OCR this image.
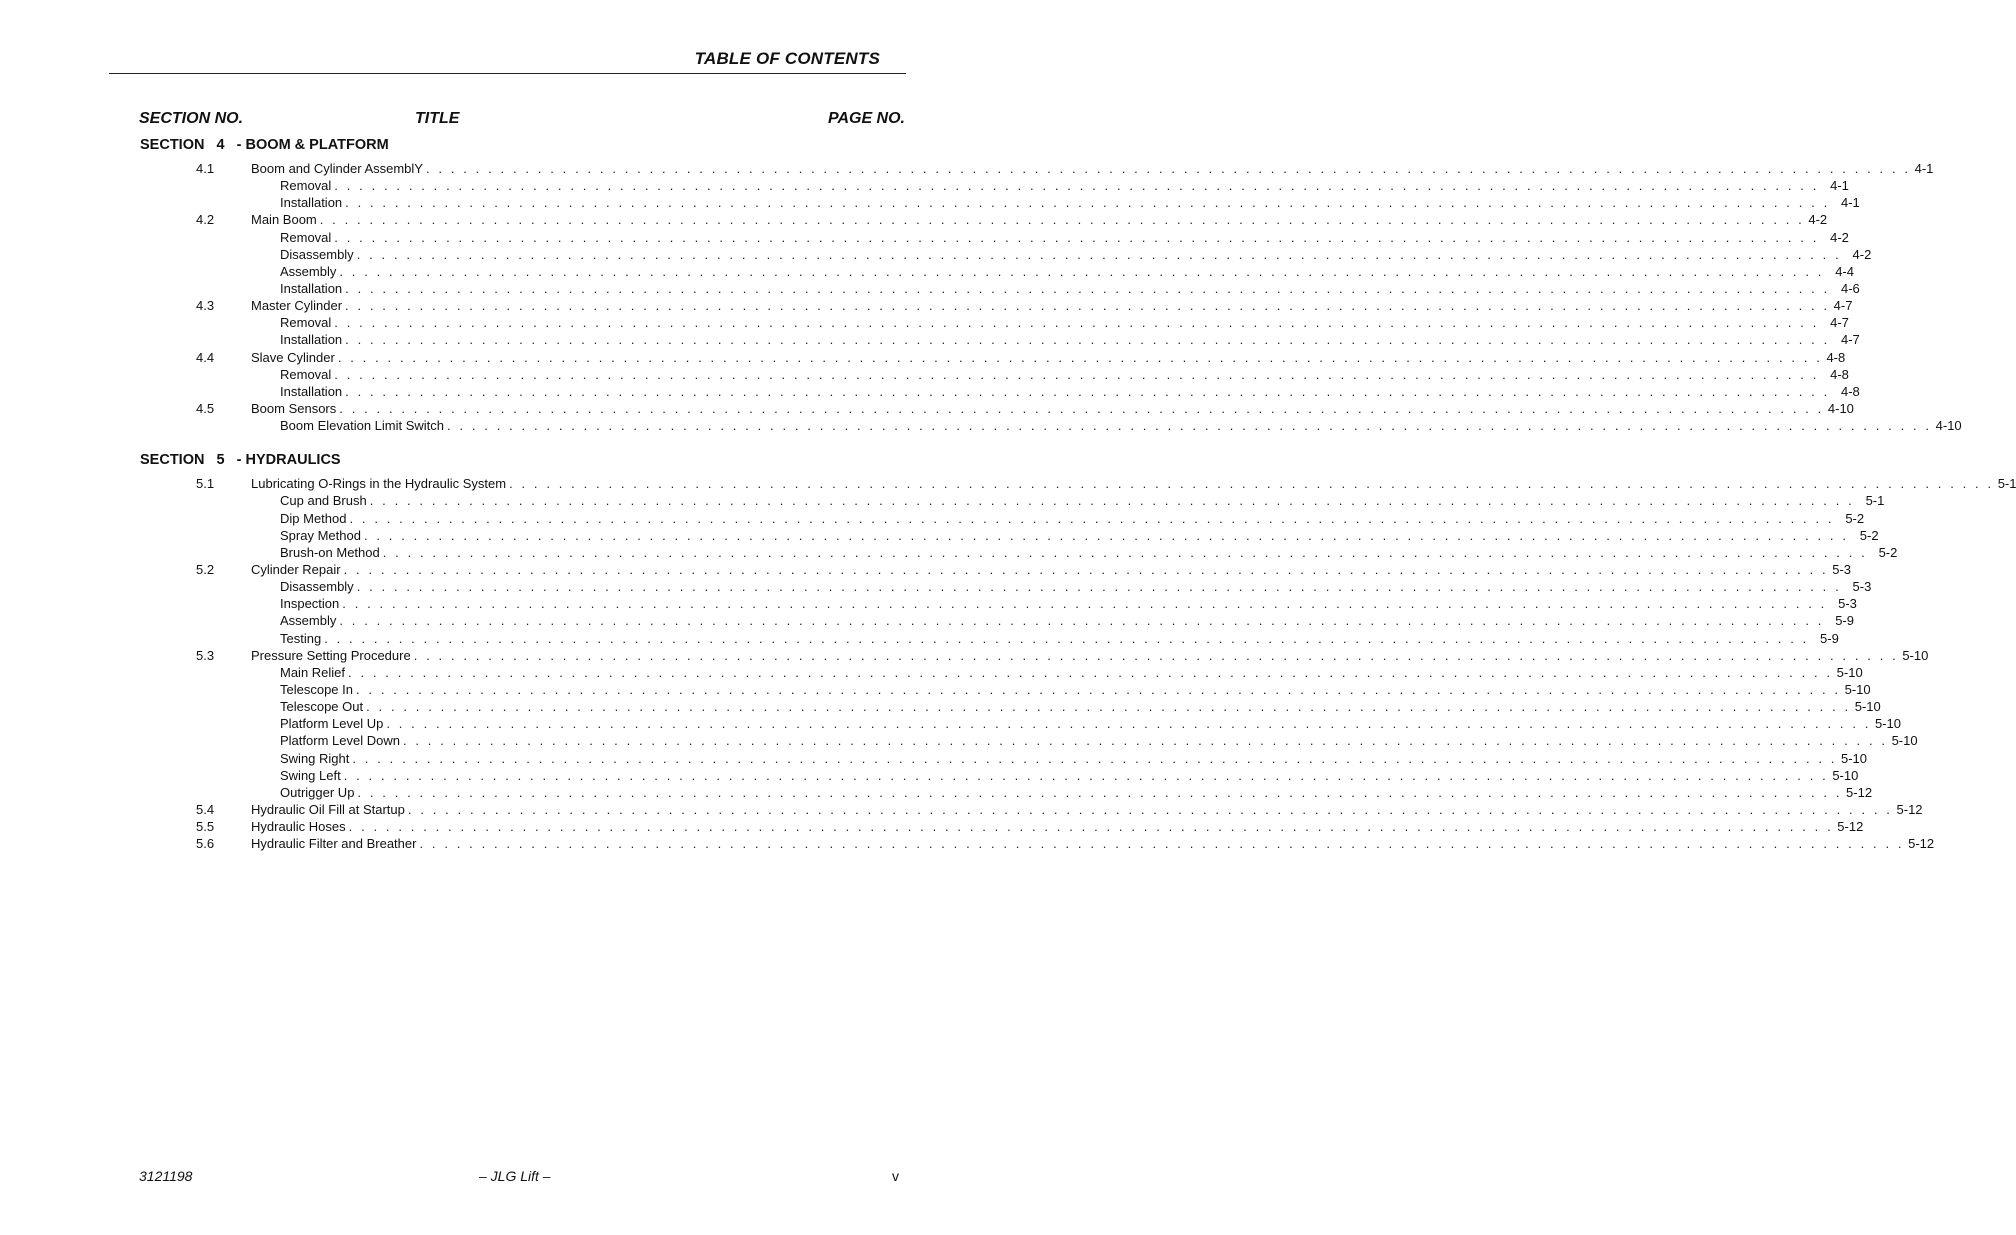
TABLE OF CONTENTS
SECTION NO.	TITLE	PAGE NO.
SECTION   4   - BOOM & PLATFORM
4.1	Boom and Cylinder AssemblY . . . . . . . . . . . . . . . . . . . . . . . . . . . . . . . . . . . . . . . . . . . . . . . . . . . . . . . . . . . . . . . . . . . . . . . . . . . . . . . . . . . . . . . . . . . . . . . . . . . . . . . . . . . . . . . . . . . . . . . . 4-1
Removal . . . . . . . . . . . . . . . . . . . . . . . . . . . . . . . . . . . . . . . . . . . . . . . . . . . . . . . . . . . . . . . . . . . . . . . . . . . . . . . . . . . . . . . . . . . . . . . . . . . . . . . . . . . . . . . . . . . . . . . . 4-1
Installation . . . . . . . . . . . . . . . . . . . . . . . . . . . . . . . . . . . . . . . . . . . . . . . . . . . . . . . . . . . . . . . . . . . . . . . . . . . . . . . . . . . . . . . . . . . . . . . . . . . . . . . . . . . . . . . . . . . . . . . . 4-1
4.2	Main Boom . . . . . . . . . . . . . . . . . . . . . . . . . . . . . . . . . . . . . . . . . . . . . . . . . . . . . . . . . . . . . . . . . . . . . . . . . . . . . . . . . . . . . . . . . . . . . . . . . . . . . . . . . . . . . . . . . . . . . . . . 4-2
Removal . . . . . . . . . . . . . . . . . . . . . . . . . . . . . . . . . . . . . . . . . . . . . . . . . . . . . . . . . . . . . . . . . . . . . . . . . . . . . . . . . . . . . . . . . . . . . . . . . . . . . . . . . . . . . . . . . . . . . . . . 4-2
Disassembly . . . . . . . . . . . . . . . . . . . . . . . . . . . . . . . . . . . . . . . . . . . . . . . . . . . . . . . . . . . . . . . . . . . . . . . . . . . . . . . . . . . . . . . . . . . . . . . . . . . . . . . . . . . . . . . . . . . . . . . . 4-2
Assembly . . . . . . . . . . . . . . . . . . . . . . . . . . . . . . . . . . . . . . . . . . . . . . . . . . . . . . . . . . . . . . . . . . . . . . . . . . . . . . . . . . . . . . . . . . . . . . . . . . . . . . . . . . . . . . . . . . . . . . . . 4-4
Installation . . . . . . . . . . . . . . . . . . . . . . . . . . . . . . . . . . . . . . . . . . . . . . . . . . . . . . . . . . . . . . . . . . . . . . . . . . . . . . . . . . . . . . . . . . . . . . . . . . . . . . . . . . . . . . . . . . . . . . . . 4-6
4.3	Master Cylinder . . . . . . . . . . . . . . . . . . . . . . . . . . . . . . . . . . . . . . . . . . . . . . . . . . . . . . . . . . . . . . . . . . . . . . . . . . . . . . . . . . . . . . . . . . . . . . . . . . . . . . . . . . . . . . . . . . . . . . . . 4-7
Removal . . . . . . . . . . . . . . . . . . . . . . . . . . . . . . . . . . . . . . . . . . . . . . . . . . . . . . . . . . . . . . . . . . . . . . . . . . . . . . . . . . . . . . . . . . . . . . . . . . . . . . . . . . . . . . . . . . . . . . . . 4-7
Installation . . . . . . . . . . . . . . . . . . . . . . . . . . . . . . . . . . . . . . . . . . . . . . . . . . . . . . . . . . . . . . . . . . . . . . . . . . . . . . . . . . . . . . . . . . . . . . . . . . . . . . . . . . . . . . . . . . . . . . . . 4-7
4.4	Slave Cylinder . . . . . . . . . . . . . . . . . . . . . . . . . . . . . . . . . . . . . . . . . . . . . . . . . . . . . . . . . . . . . . . . . . . . . . . . . . . . . . . . . . . . . . . . . . . . . . . . . . . . . . . . . . . . . . . . . . . . . . . . 4-8
Removal . . . . . . . . . . . . . . . . . . . . . . . . . . . . . . . . . . . . . . . . . . . . . . . . . . . . . . . . . . . . . . . . . . . . . . . . . . . . . . . . . . . . . . . . . . . . . . . . . . . . . . . . . . . . . . . . . . . . . . . . 4-8
Installation . . . . . . . . . . . . . . . . . . . . . . . . . . . . . . . . . . . . . . . . . . . . . . . . . . . . . . . . . . . . . . . . . . . . . . . . . . . . . . . . . . . . . . . . . . . . . . . . . . . . . . . . . . . . . . . . . . . . . . . . 4-8
4.5	Boom Sensors . . . . . . . . . . . . . . . . . . . . . . . . . . . . . . . . . . . . . . . . . . . . . . . . . . . . . . . . . . . . . . . . . . . . . . . . . . . . . . . . . . . . . . . . . . . . . . . . . . . . . . . . . . . . . . . . . . . . . . . . 4-10
Boom Elevation Limit Switch . . . . . . . . . . . . . . . . . . . . . . . . . . . . . . . . . . . . . . . . . . . . . . . . . . . . . . . . . . . . . . . . . . . . . . . . . . . . . . . . . . . . . . . . . . . . . . . . . . . . . . . . . . . . . . . . . . . . . . . . 4-10
SECTION   5   - HYDRAULICS
5.1	Lubricating O-Rings in the Hydraulic System . . . . . . . . . . . . . . . . . . . . . . . . . . . . . . . . . . . . . . . . . . . . . . . . . . . . . . . . . . . . . . . . . . . . . . . . . . . . . . . . . . . . . . . . . . . . . . . . . . . . . . . . . . . . . . . . . . . . . . . . 5-1
Cup and Brush . . . . . . . . . . . . . . . . . . . . . . . . . . . . . . . . . . . . . . . . . . . . . . . . . . . . . . . . . . . . . . . . . . . . . . . . . . . . . . . . . . . . . . . . . . . . . . . . . . . . . . . . . . . . . . . . . . . . . . . . 5-1
Dip Method . . . . . . . . . . . . . . . . . . . . . . . . . . . . . . . . . . . . . . . . . . . . . . . . . . . . . . . . . . . . . . . . . . . . . . . . . . . . . . . . . . . . . . . . . . . . . . . . . . . . . . . . . . . . . . . . . . . . . . . . 5-2
Spray Method . . . . . . . . . . . . . . . . . . . . . . . . . . . . . . . . . . . . . . . . . . . . . . . . . . . . . . . . . . . . . . . . . . . . . . . . . . . . . . . . . . . . . . . . . . . . . . . . . . . . . . . . . . . . . . . . . . . . . . . . 5-2
Brush-on Method . . . . . . . . . . . . . . . . . . . . . . . . . . . . . . . . . . . . . . . . . . . . . . . . . . . . . . . . . . . . . . . . . . . . . . . . . . . . . . . . . . . . . . . . . . . . . . . . . . . . . . . . . . . . . . . . . . . . . . . . 5-2
5.2	Cylinder Repair . . . . . . . . . . . . . . . . . . . . . . . . . . . . . . . . . . . . . . . . . . . . . . . . . . . . . . . . . . . . . . . . . . . . . . . . . . . . . . . . . . . . . . . . . . . . . . . . . . . . . . . . . . . . . . . . . . . . . . . . 5-3
Disassembly . . . . . . . . . . . . . . . . . . . . . . . . . . . . . . . . . . . . . . . . . . . . . . . . . . . . . . . . . . . . . . . . . . . . . . . . . . . . . . . . . . . . . . . . . . . . . . . . . . . . . . . . . . . . . . . . . . . . . . . . 5-3
Inspection . . . . . . . . . . . . . . . . . . . . . . . . . . . . . . . . . . . . . . . . . . . . . . . . . . . . . . . . . . . . . . . . . . . . . . . . . . . . . . . . . . . . . . . . . . . . . . . . . . . . . . . . . . . . . . . . . . . . . . . . 5-3
Assembly . . . . . . . . . . . . . . . . . . . . . . . . . . . . . . . . . . . . . . . . . . . . . . . . . . . . . . . . . . . . . . . . . . . . . . . . . . . . . . . . . . . . . . . . . . . . . . . . . . . . . . . . . . . . . . . . . . . . . . . . 5-9
Testing . . . . . . . . . . . . . . . . . . . . . . . . . . . . . . . . . . . . . . . . . . . . . . . . . . . . . . . . . . . . . . . . . . . . . . . . . . . . . . . . . . . . . . . . . . . . . . . . . . . . . . . . . . . . . . . . . . . . . . . . 5-9
5.3	Pressure Setting Procedure . . . . . . . . . . . . . . . . . . . . . . . . . . . . . . . . . . . . . . . . . . . . . . . . . . . . . . . . . . . . . . . . . . . . . . . . . . . . . . . . . . . . . . . . . . . . . . . . . . . . . . . . . . . . . . . . . . . . . . . . 5-10
Main Relief . . . . . . . . . . . . . . . . . . . . . . . . . . . . . . . . . . . . . . . . . . . . . . . . . . . . . . . . . . . . . . . . . . . . . . . . . . . . . . . . . . . . . . . . . . . . . . . . . . . . . . . . . . . . . . . . . . . . . . . . 5-10
Telescope In . . . . . . . . . . . . . . . . . . . . . . . . . . . . . . . . . . . . . . . . . . . . . . . . . . . . . . . . . . . . . . . . . . . . . . . . . . . . . . . . . . . . . . . . . . . . . . . . . . . . . . . . . . . . . . . . . . . . . . . . 5-10
Telescope Out . . . . . . . . . . . . . . . . . . . . . . . . . . . . . . . . . . . . . . . . . . . . . . . . . . . . . . . . . . . . . . . . . . . . . . . . . . . . . . . . . . . . . . . . . . . . . . . . . . . . . . . . . . . . . . . . . . . . . . . . 5-10
Platform Level Up . . . . . . . . . . . . . . . . . . . . . . . . . . . . . . . . . . . . . . . . . . . . . . . . . . . . . . . . . . . . . . . . . . . . . . . . . . . . . . . . . . . . . . . . . . . . . . . . . . . . . . . . . . . . . . . . . . . . . . . . 5-10
Platform Level Down . . . . . . . . . . . . . . . . . . . . . . . . . . . . . . . . . . . . . . . . . . . . . . . . . . . . . . . . . . . . . . . . . . . . . . . . . . . . . . . . . . . . . . . . . . . . . . . . . . . . . . . . . . . . . . . . . . . . . . . . 5-10
Swing Right . . . . . . . . . . . . . . . . . . . . . . . . . . . . . . . . . . . . . . . . . . . . . . . . . . . . . . . . . . . . . . . . . . . . . . . . . . . . . . . . . . . . . . . . . . . . . . . . . . . . . . . . . . . . . . . . . . . . . . . . 5-10
Swing Left . . . . . . . . . . . . . . . . . . . . . . . . . . . . . . . . . . . . . . . . . . . . . . . . . . . . . . . . . . . . . . . . . . . . . . . . . . . . . . . . . . . . . . . . . . . . . . . . . . . . . . . . . . . . . . . . . . . . . . . . 5-10
Outrigger Up . . . . . . . . . . . . . . . . . . . . . . . . . . . . . . . . . . . . . . . . . . . . . . . . . . . . . . . . . . . . . . . . . . . . . . . . . . . . . . . . . . . . . . . . . . . . . . . . . . . . . . . . . . . . . . . . . . . . . . . . 5-12
5.4	Hydraulic Oil Fill at Startup . . . . . . . . . . . . . . . . . . . . . . . . . . . . . . . . . . . . . . . . . . . . . . . . . . . . . . . . . . . . . . . . . . . . . . . . . . . . . . . . . . . . . . . . . . . . . . . . . . . . . . . . . . . . . . . . . . . . . . . . 5-12
5.5	Hydraulic Hoses . . . . . . . . . . . . . . . . . . . . . . . . . . . . . . . . . . . . . . . . . . . . . . . . . . . . . . . . . . . . . . . . . . . . . . . . . . . . . . . . . . . . . . . . . . . . . . . . . . . . . . . . . . . . . . . . . . . . . . . . 5-12
5.6	Hydraulic Filter and Breather . . . . . . . . . . . . . . . . . . . . . . . . . . . . . . . . . . . . . . . . . . . . . . . . . . . . . . . . . . . . . . . . . . . . . . . . . . . . . . . . . . . . . . . . . . . . . . . . . . . . . . . . . . . . . . . . . . . . . . . . 5-12
3121198	– JLG Lift –	v
